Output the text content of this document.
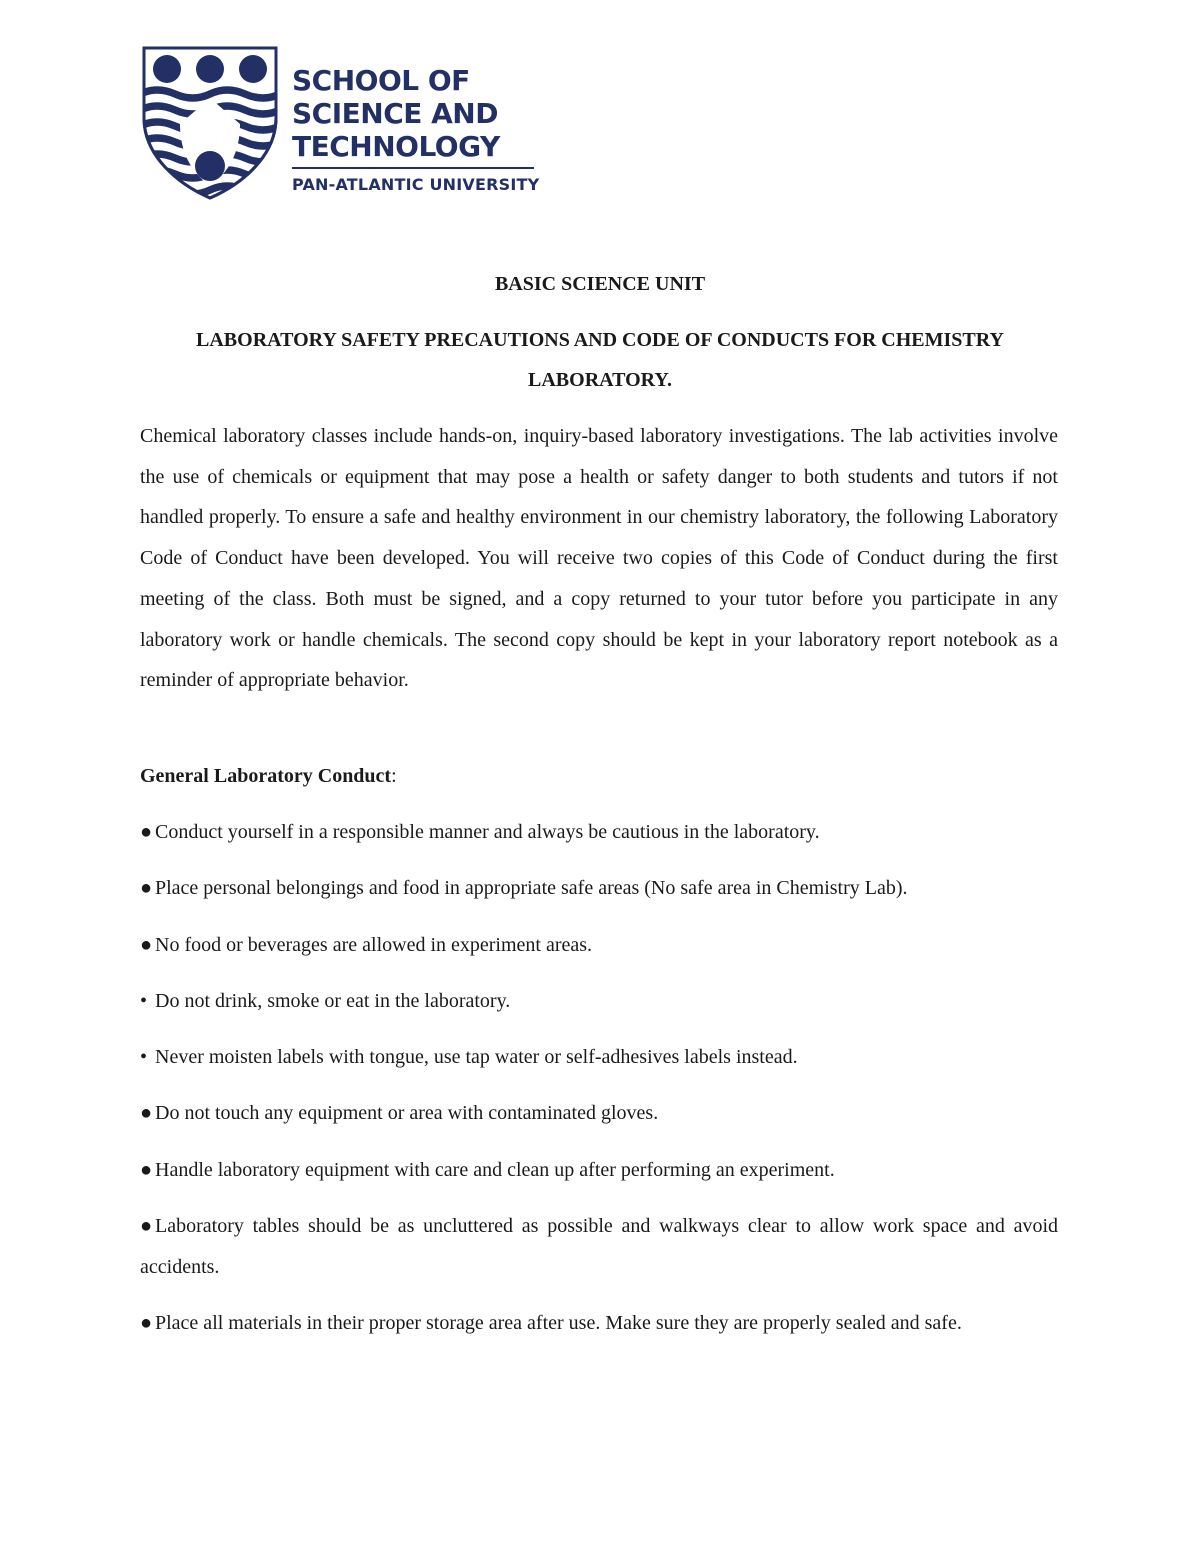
SCHOOL OF
SCIENCE AND
TECHNOLOGY
PAN-ATLANTIC UNIVERSITY
BASIC SCIENCE UNIT
LABORATORY SAFETY PRECAUTIONS AND CODE OF CONDUCTS FOR CHEMISTRY LABORATORY.

Chemical laboratory classes include hands-on, inquiry-based laboratory investigations. The lab activities involve the use of chemicals or equipment that may pose a health or safety danger to both students and tutors if not handled properly. To ensure a safe and healthy environment in our chemistry laboratory, the following Laboratory Code of Conduct have been developed. You will receive two copies of this Code of Conduct during the first meeting of the class. Both must be signed, and a copy returned to your tutor before you participate in any laboratory work or handle chemicals. The second copy should be kept in your laboratory report notebook as a reminder of appropriate behavior.

General Laboratory Conduct:

● Conduct yourself in a responsible manner and always be cautious in the laboratory.
● Place personal belongings and food in appropriate safe areas (No safe area in Chemistry Lab).
● No food or beverages are allowed in experiment areas.
• Do not drink, smoke or eat in the laboratory.
• Never moisten labels with tongue, use tap water or self-adhesives labels instead.
● Do not touch any equipment or area with contaminated gloves.
● Handle laboratory equipment with care and clean up after performing an experiment.
● Laboratory tables should be as uncluttered as possible and walkways clear to allow work space and avoid accidents.
● Place all materials in their proper storage area after use. Make sure they are properly sealed and safe.
